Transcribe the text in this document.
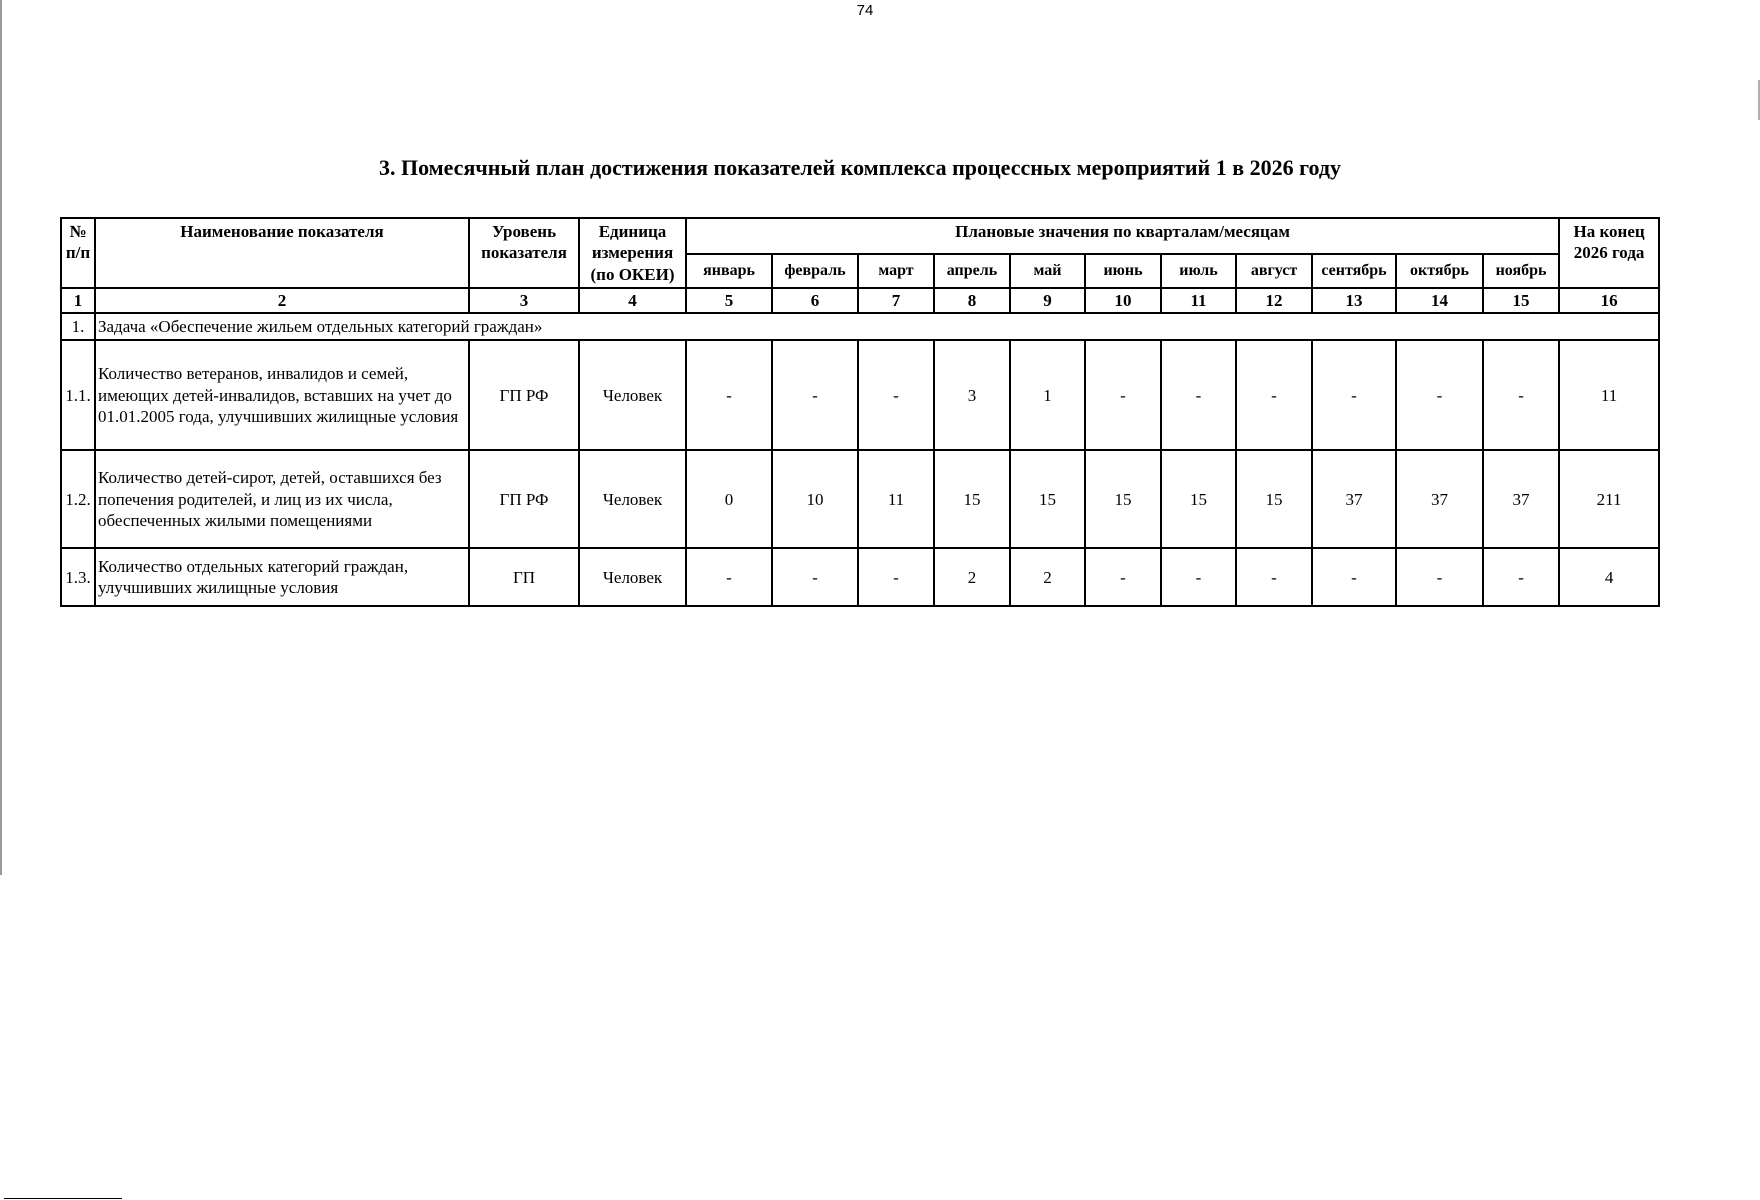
74
3. Помесячный план достижения показателей комплекса процессных мероприятий 1 в 2026 году
№ п/п	Наименование показателя	Уровень показателя	Единица измерения (по ОКЕИ)	Плановые значения по кварталам/месяцам											На конец 2026 года
				январь	февраль	март	апрель	май	июнь	июль	август	сентябрь	октябрь	ноябрь	
1	2	3	4	5	6	7	8	9	10	11	12	13	14	15	16
1.	Задача «Обеспечение жильем отдельных категорий граждан»														
1.1.	Количество ветеранов, инвалидов и семей, имеющих детей-инвалидов, вставших на учет до 01.01.2005 года, улучшивших жилищные условия	ГП РФ	Человек	-	-	-	3	1	-	-	-	-	-	-	11
1.2.	Количество детей-сирот, детей, оставшихся без попечения родителей, и лиц из их числа, обеспеченных жилыми помещениями	ГП РФ	Человек	0	10	11	15	15	15	15	15	37	37	37	211
1.3.	Количество отдельных категорий граждан, улучшивших жилищные условия	ГП	Человек	-	-	-	2	2	-	-	-	-	-	-	4
